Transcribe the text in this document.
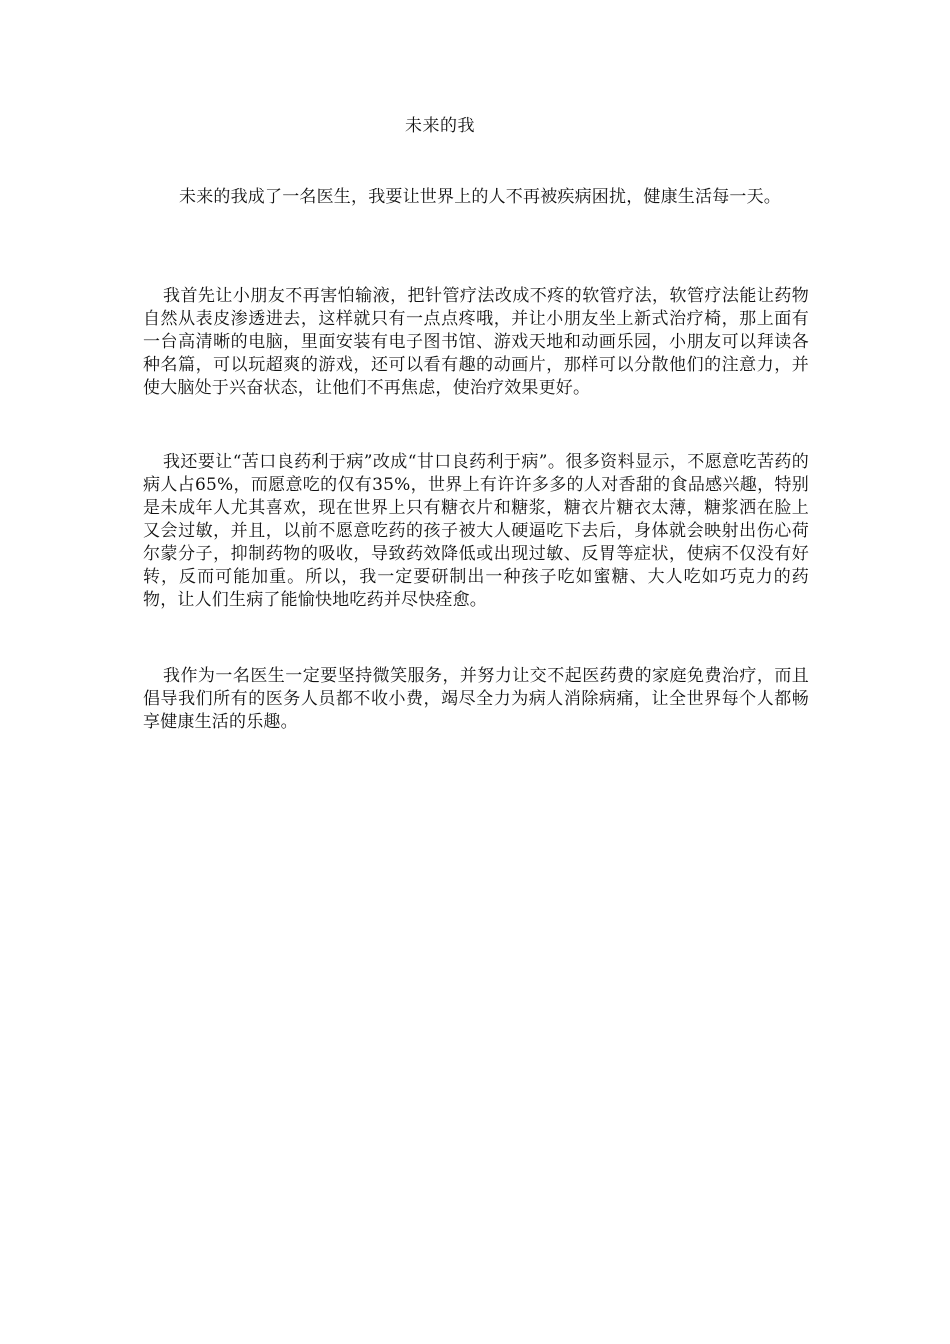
未来的我

未来的我成了一名医生，我要让世界上的人不再被疾病困扰，健康生活每一天。

我首先让小朋友不再害怕输液，把针管疗法改成不疼的软管疗法，软管疗法能让药物自然从表皮渗透进去，这样就只有一点点疼哦，并让小朋友坐上新式治疗椅，那上面有一台高清晰的电脑，里面安装有电子图书馆、游戏天地和动画乐园，小朋友可以拜读各种名篇，可以玩超爽的游戏，还可以看有趣的动画片，那样可以分散他们的注意力，并使大脑处于兴奋状态，让他们不再焦虑，使治疗效果更好。

我还要让“苦口良药利于病”改成“甘口良药利于病”。很多资料显示，不愿意吃苦药的病人占65%，而愿意吃的仅有35%，世界上有许许多多的人对香甜的食品感兴趣，特别是未成年人尤其喜欢，现在世界上只有糖衣片和糖浆，糖衣片糖衣太薄，糖浆洒在脸上又会过敏，并且，以前不愿意吃药的孩子被大人硬逼吃下去后，身体就会映射出伤心荷尔蒙分子，抑制药物的吸收，导致药效降低或出现过敏、反胃等症状，使病不仅没有好转，反而可能加重。所以，我一定要研制出一种孩子吃如蜜糖、大人吃如巧克力的药物，让人们生病了能愉快地吃药并尽快痊愈。

我作为一名医生一定要坚持微笑服务，并努力让交不起医药费的家庭免费治疗，而且倡导我们所有的医务人员都不收小费，竭尽全力为病人消除病痛，让全世界每个人都畅享健康生活的乐趣。
